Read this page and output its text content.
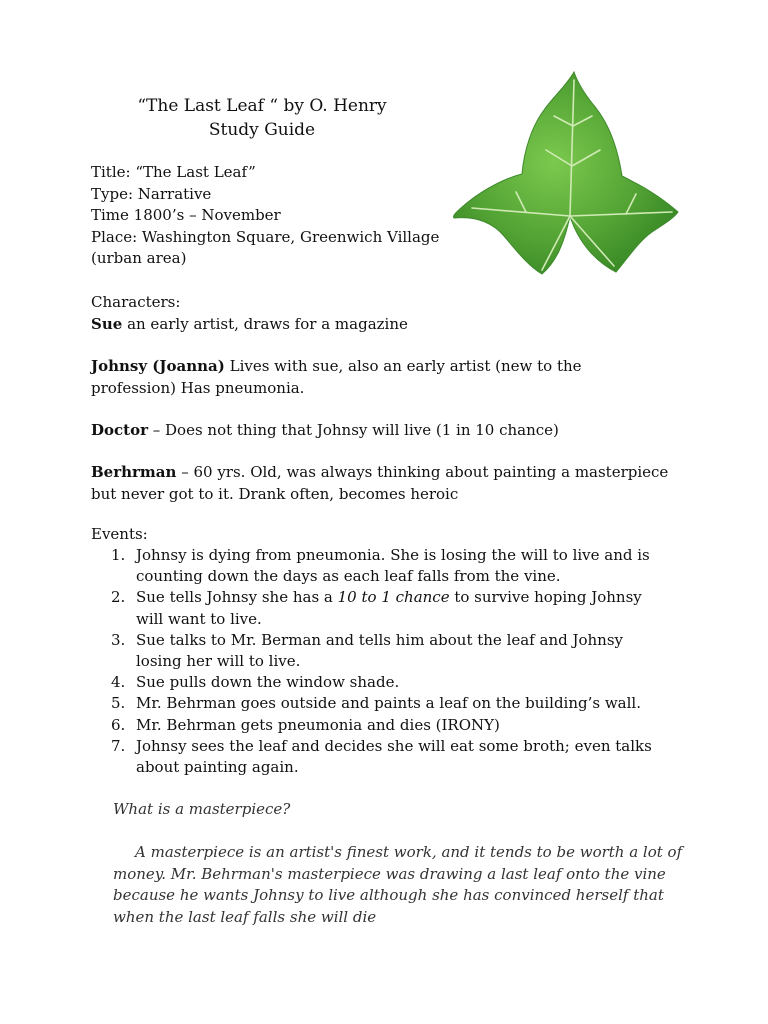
“The Last Leaf “ by O. Henry
Study Guide
Title: “The Last Leaf”
Type: Narrative
Time 1800’s – November
Place: Washington Square, Greenwich Village
(urban area)
Characters:
Sue an early artist, draws for a magazine
Johnsy (Joanna) Lives with sue, also an early artist (new to the profession) Has pneumonia.
Doctor – Does not thing that Johnsy will live (1 in 10 chance)
Berhrman – 60 yrs. Old, was always thinking about painting a masterpiece but never got to it. Drank often, becomes heroic
Events:
1. Johnsy is dying from pneumonia. She is losing the will to live and is counting down the days as each leaf falls from the vine.
2. Sue tells Johnsy she has a 10 to 1 chance to survive hoping Johnsy will want to live.
3. Sue talks to Mr. Berman and tells him about the leaf and Johnsy losing her will to live.
4. Sue pulls down the window shade.
5. Mr. Behrman goes outside and paints a leaf on the building’s wall.
6. Mr. Behrman gets pneumonia and dies (IRONY)
7. Johnsy sees the leaf and decides she will eat some broth; even talks about painting again.
What is a masterpiece?
A masterpiece is an artist's finest work, and it tends to be worth a lot of money. Mr. Behrman's masterpiece was drawing a last leaf onto the vine because he wants Johnsy to live although she has convinced herself that when the last leaf falls she will die
